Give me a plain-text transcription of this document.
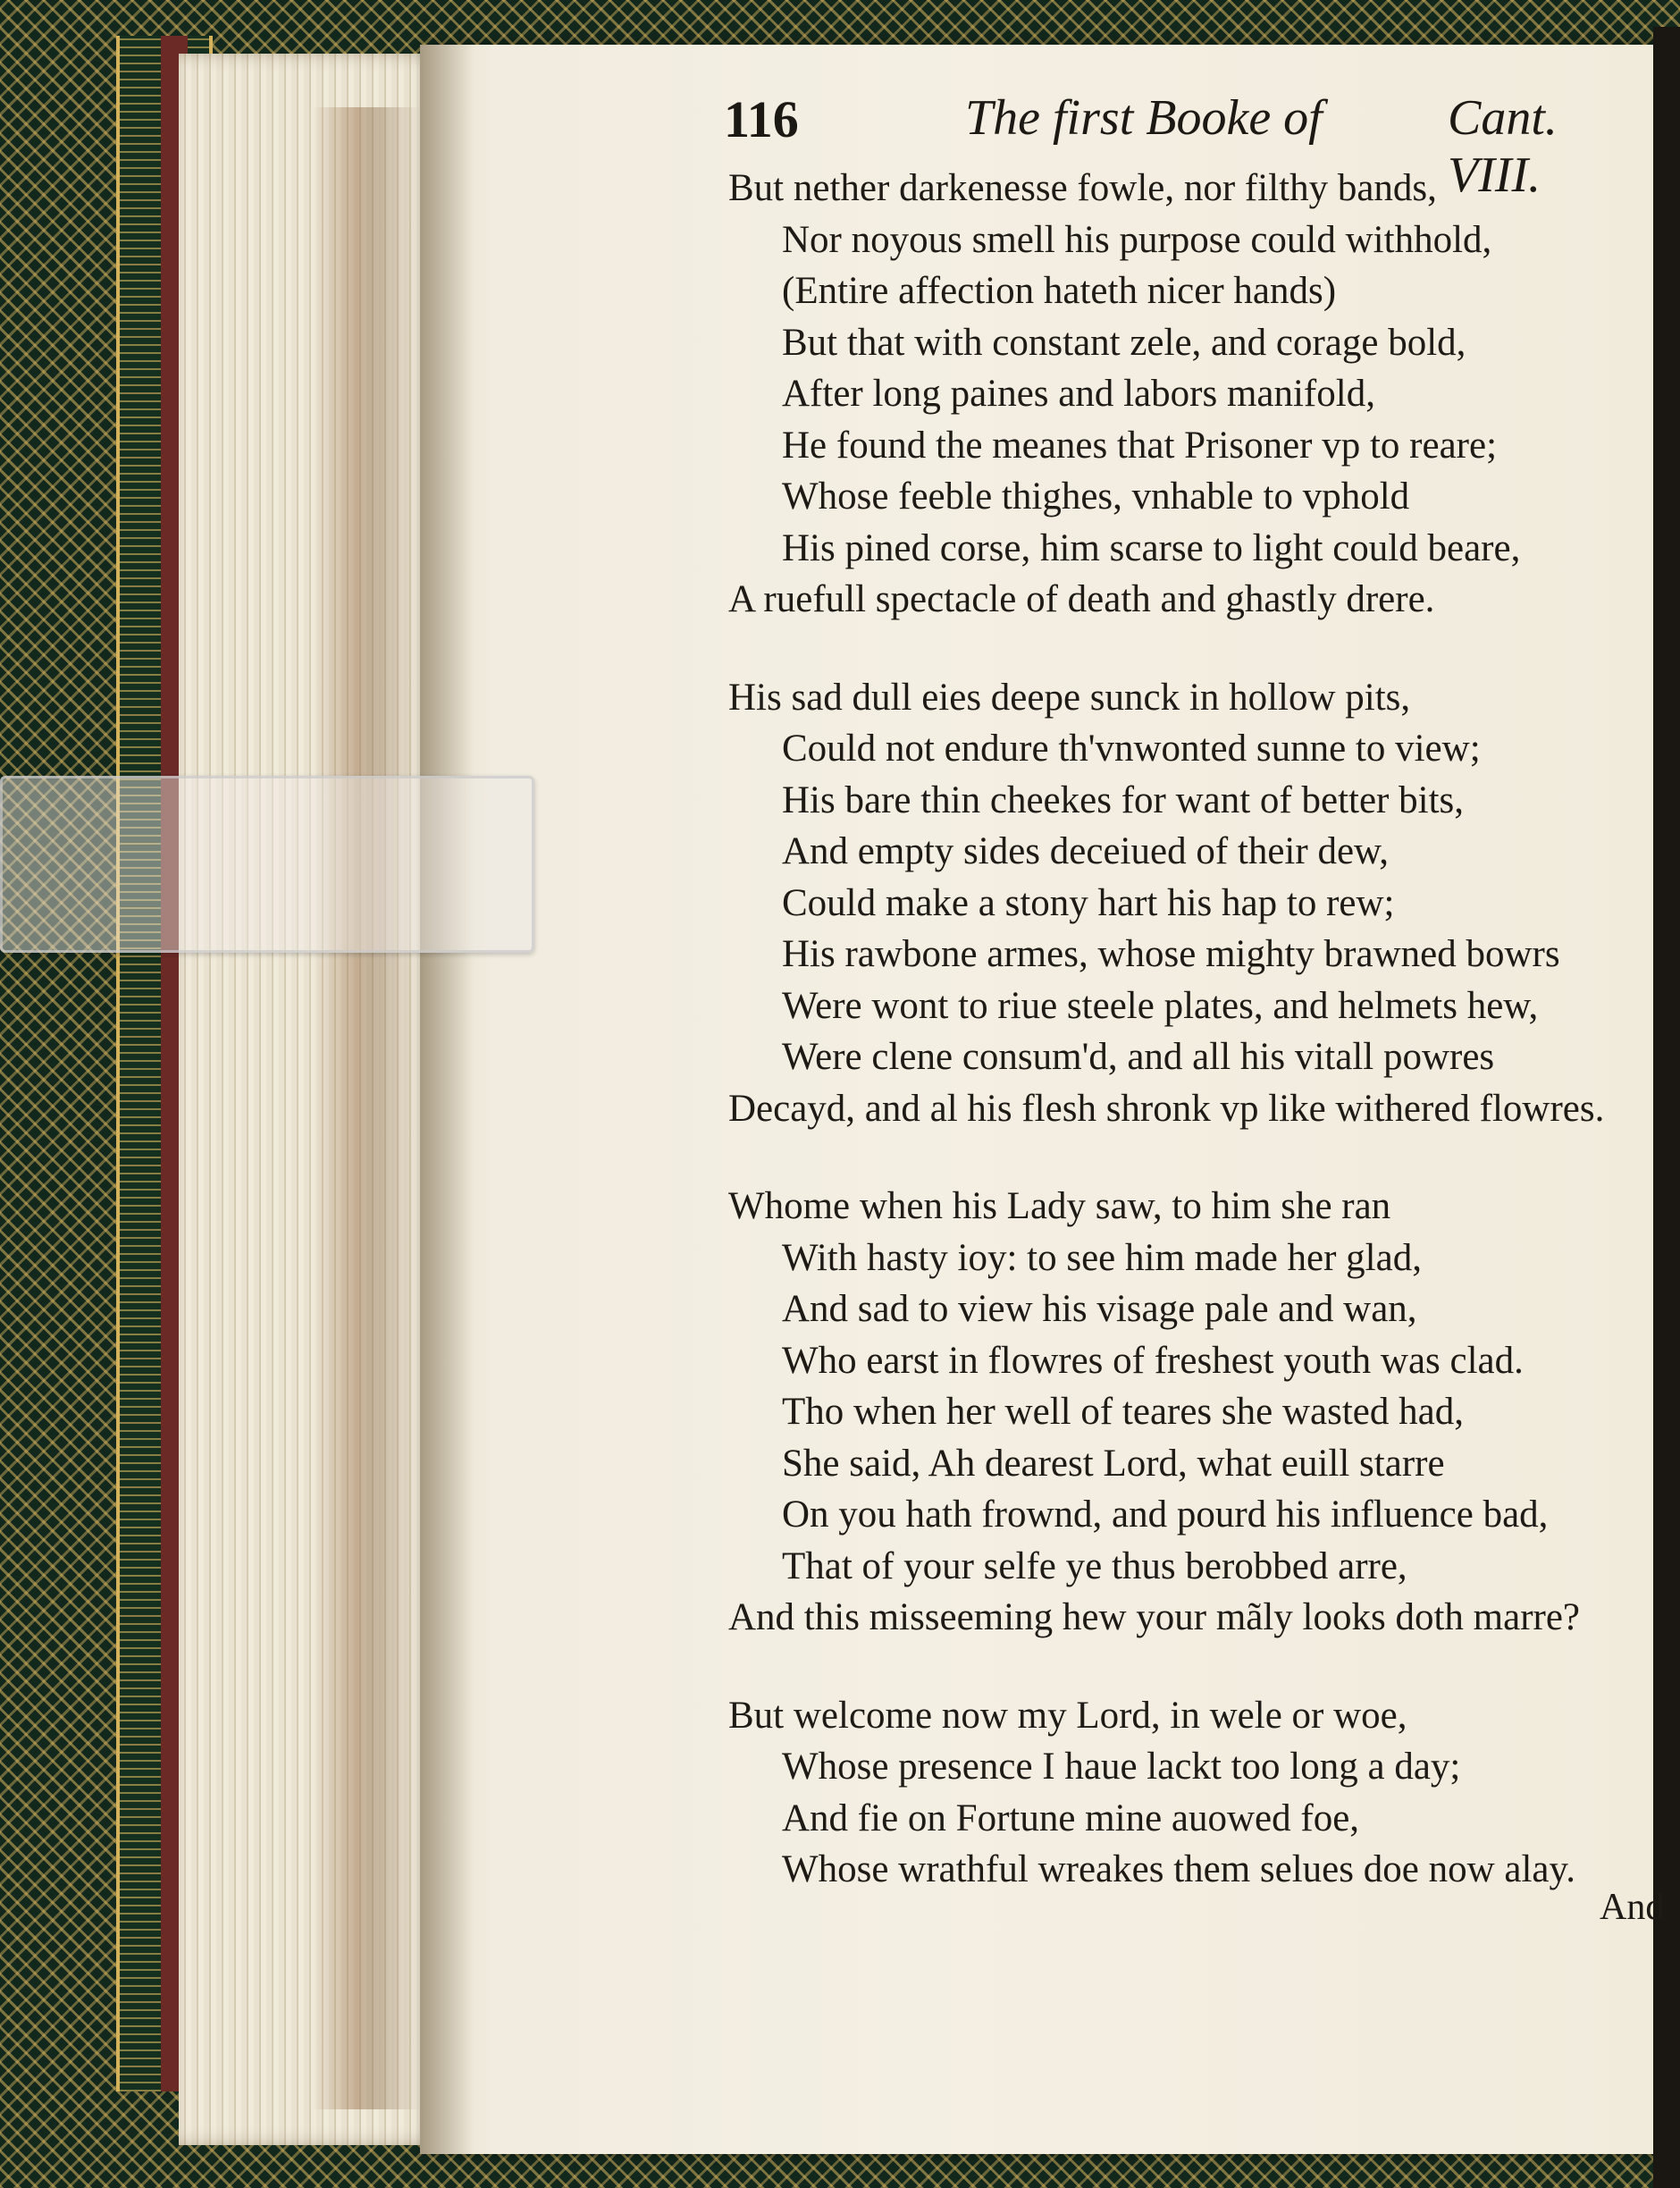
116	The first Booke of	Cant. VIII.
But nether darkenesse fowle, nor filthy bands,
Nor noyous smell his purpose could withhold,
(Entire affection hateth nicer hands)
But that with constant zele, and corage bold,
After long paines and labors manifold,
He found the meanes that Prisoner vp to reare;
Whose feeble thighes, vnhable to vphold
His pined corse, him scarse to light could beare,
A ruefull spectacle of death and ghastly drere.
His sad dull eies deepe sunck in hollow pits,
Could not endure th'vnwonted sunne to view;
His bare thin cheekes for want of better bits,
And empty sides deceiued of their dew,
Could make a stony hart his hap to rew;
His rawbone armes, whose mighty brawned bowrs
Were wont to riue steele plates, and helmets hew,
Were clene consum'd, and all his vitall powres
Decayd, and al his flesh shronk vp like withered flowres.
Whome when his Lady saw, to him she ran
With hasty ioy: to see him made her glad,
And sad to view his visage pale and wan,
Who earst in flowres of freshest youth was clad.
Tho when her well of teares she wasted had,
She said, Ah dearest Lord, what euill starre
On you hath frownd, and pourd his influence bad,
That of your selfe ye thus berobbed arre,
And this misseeming hew your mãly looks doth marre?
But welcome now my Lord, in wele or woe,
Whose presence I haue lackt too long a day;
And fie on Fortune mine auowed foe,
Whose wrathful wreakes them selues doe now alay.
And
